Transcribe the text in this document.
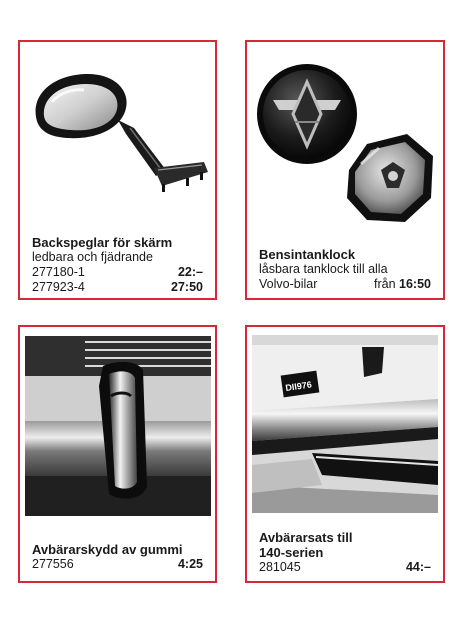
Backspeglar för skärm
ledbara och fjädrande
277180-1	22:–
277923-4	27:50
Bensintanklock
låsbara tanklock till alla
Volvo-bilar	från 16:50
Avbärarskydd av gummi
277556	4:25
DII976
Avbärarsats till
140-serien
281045	44:–
